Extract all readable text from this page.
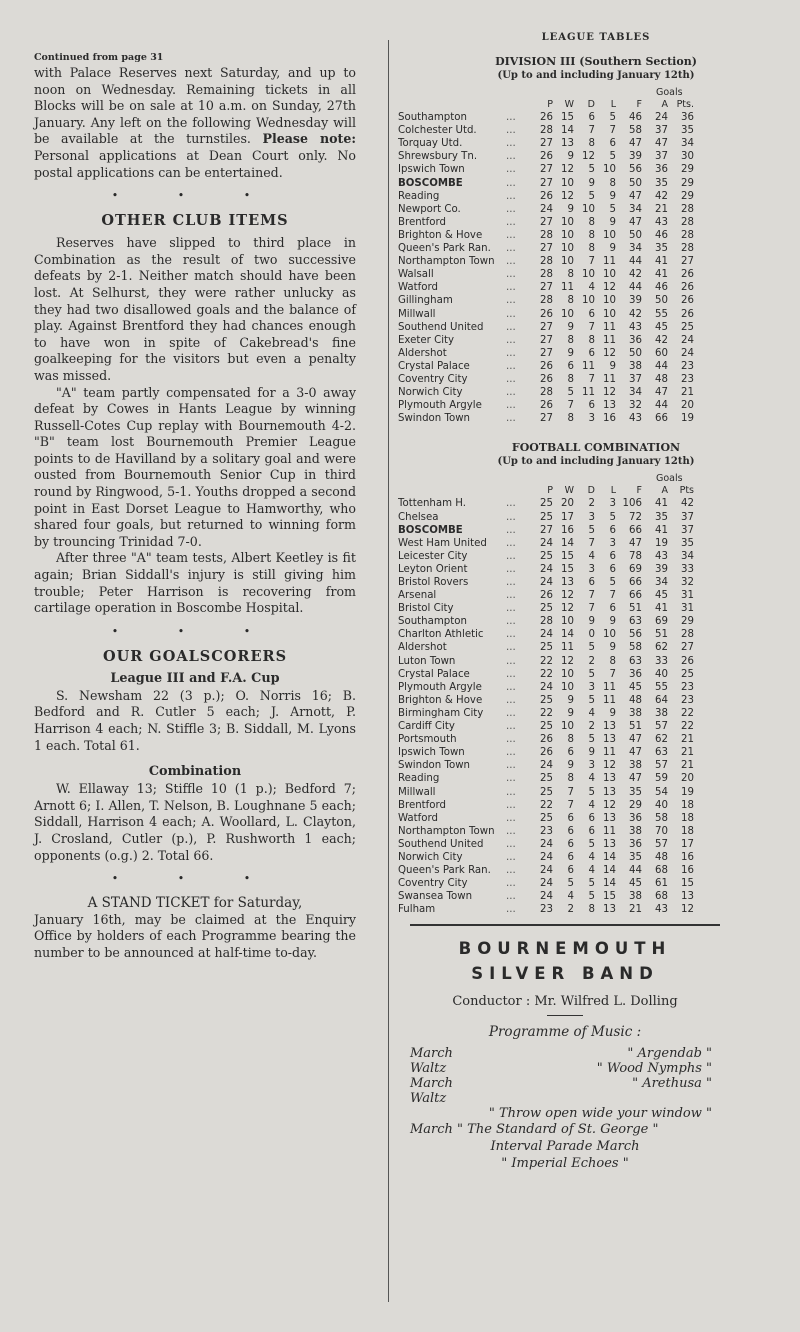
Continued from page 31

with Palace Reserves next Saturday, and up to noon on Wednesday. Remaining tickets in all Blocks will be on sale at 10 a.m. on Sunday, 27th January. Any left on the following Wednesday will be available at the turnstiles. Please note: Personal applications at Dean Court only. No postal applications can be entertained.

• • •

OTHER CLUB ITEMS

Reserves have slipped to third place in Combination as the result of two successive defeats by 2-1. Neither match should have been lost. At Selhurst, they were rather unlucky as they had two disallowed goals and the balance of play. Against Brentford they had chances enough to have won in spite of Cakebread's fine goalkeeping for the visitors but even a penalty was missed.

"A" team partly compensated for a 3-0 away defeat by Cowes in Hants League by winning Russell-Cotes Cup replay with Bournemouth 4-2. "B" team lost Bournemouth Premier League points to de Havilland by a solitary goal and were ousted from Bournemouth Senior Cup in third round by Ringwood, 5-1. Youths dropped a second point in East Dorset League to Hamworthy, who shared four goals, but returned to winning form by trouncing Trinidad 7-0.

After three "A" team tests, Albert Keetley is fit again; Brian Siddall's injury is still giving him trouble; Peter Harrison is recovering from cartilage operation in Boscombe Hospital.

• • •

OUR GOALSCORERS

League III and F.A. Cup

S. Newsham 22 (3 p.); O. Norris 16; B. Bedford and R. Cutler 5 each; J. Arnott, P. Harrison 4 each; N. Stiffle 3; B. Siddall, M. Lyons 1 each. Total 61.

Combination

W. Ellaway 13; Stiffle 10 (1 p.); Bedford 7; Arnott 6; I. Allen, T. Nelson, B. Loughnane 5 each; Siddall, Harrison 4 each; A. Woollard, L. Clayton, J. Crosland, Cutler (p.), P. Rushworth 1 each; opponents (o.g.) 2. Total 66.

• • •

A STAND TICKET for Saturday,

January 16th, may be claimed at the Enquiry Office by holders of each Programme bearing the number to be announced at half-time to-day.

LEAGUE TABLES

DIVISION III (Southern Section)

(Up to and including January 12th)

Goals
		P	W	D	L	F	A	Pts.
Southampton	...	26	15	6	5	46	24	36
Colchester Utd.	...	28	14	7	7	58	37	35
Torquay Utd.	...	27	13	8	6	47	47	34
Shrewsbury Tn.	...	26	9	12	5	39	37	30
Ipswich Town	...	27	12	5	10	56	36	29
BOSCOMBE	...	27	10	9	8	50	35	29
Reading	...	26	12	5	9	47	42	29
Newport Co.	...	24	9	10	5	34	21	28
Brentford	...	27	10	8	9	47	43	28
Brighton & Hove	...	28	10	8	10	50	46	28
Queen's Park Ran.	...	27	10	8	9	34	35	28
Northampton Town	...	28	10	7	11	44	41	27
Walsall	...	28	8	10	10	42	41	26
Watford	...	27	11	4	12	44	46	26
Gillingham	...	28	8	10	10	39	50	26
Millwall	...	26	10	6	10	42	55	26
Southend United	...	27	9	7	11	43	45	25
Exeter City	...	27	8	8	11	36	42	24
Aldershot	...	27	9	6	12	50	60	24
Crystal Palace	...	26	6	11	9	38	44	23
Coventry City	...	26	8	7	11	37	48	23
Norwich City	...	28	5	11	12	34	47	21
Plymouth Argyle	...	26	7	6	13	32	44	20
Swindon Town	...	27	8	3	16	43	66	19

FOOTBALL COMBINATION

(Up to and including January 12th)

Goals
		P	W	D	L	F	A	Pts
Tottenham H.	...	25	20	2	3	106	41	42
Chelsea	...	25	17	3	5	72	35	37
BOSCOMBE	...	27	16	5	6	66	41	37
West Ham United	...	24	14	7	3	47	19	35
Leicester City	...	25	15	4	6	78	43	34
Leyton Orient	...	24	15	3	6	69	39	33
Bristol Rovers	...	24	13	6	5	66	34	32
Arsenal	...	26	12	7	7	66	45	31
Bristol City	...	25	12	7	6	51	41	31
Southampton	...	28	10	9	9	63	69	29
Charlton Athletic	...	24	14	0	10	56	51	28
Aldershot	...	25	11	5	9	58	62	27
Luton Town	...	22	12	2	8	63	33	26
Crystal Palace	...	22	10	5	7	36	40	25
Plymouth Argyle	...	24	10	3	11	45	55	23
Brighton & Hove	...	25	9	5	11	48	64	23
Birmingham City	...	22	9	4	9	38	38	22
Cardiff City	...	25	10	2	13	51	57	22
Portsmouth	...	26	8	5	13	47	62	21
Ipswich Town	...	26	6	9	11	47	63	21
Swindon Town	...	24	9	3	12	38	57	21
Reading	...	25	8	4	13	47	59	20
Millwall	...	25	7	5	13	35	54	19
Brentford	...	22	7	4	12	29	40	18
Watford	...	25	6	6	13	36	58	18
Northampton Town	...	23	6	6	11	38	70	18
Southend United	...	24	6	5	13	36	57	17
Norwich City	...	24	6	4	14	35	48	16
Queen's Park Ran.	...	24	6	4	14	44	68	16
Coventry City	...	24	5	5	14	45	61	15
Swansea Town	...	24	4	5	15	38	68	13
Fulham	...	23	2	8	13	21	43	12
BOURNEMOUTH
SILVER BAND

Conductor : Mr. Wilfred L. Dolling

Programme of Music :

March	" Argendab "
Waltz	" Wood Nymphs "
March	" Arethusa "
Waltz
" Throw open wide your window "
March " The Standard of St. George "
Interval Parade March
" Imperial Echoes "
